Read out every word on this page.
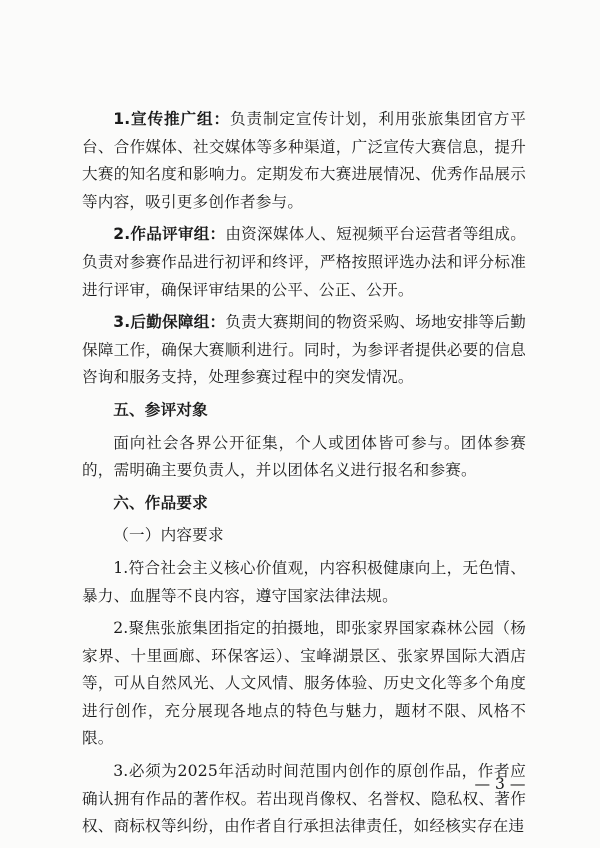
1.宣传推广组：负责制定宣传计划，利用张旅集团官方平台、合作媒体、社交媒体等多种渠道，广泛宣传大赛信息，提升大赛的知名度和影响力。定期发布大赛进展情况、优秀作品展示等内容，吸引更多创作者参与。

2.作品评审组：由资深媒体人、短视频平台运营者等组成。负责对参赛作品进行初评和终评，严格按照评选办法和评分标准进行评审，确保评审结果的公平、公正、公开。

3.后勤保障组：负责大赛期间的物资采购、场地安排等后勤保障工作，确保大赛顺利进行。同时，为参评者提供必要的信息咨询和服务支持，处理参赛过程中的突发情况。

五、参评对象

面向社会各界公开征集，个人或团体皆可参与。团体参赛的，需明确主要负责人，并以团体名义进行报名和参赛。

六、作品要求

（一）内容要求

1.符合社会主义核心价值观，内容积极健康向上，无色情、暴力、血腥等不良内容，遵守国家法律法规。

2.聚焦张旅集团指定的拍摄地，即张家界国家森林公园（杨家界、十里画廊、环保客运）、宝峰湖景区、张家界国际大酒店等，可从自然风光、人文风情、服务体验、历史文化等多个角度进行创作，充分展现各地点的特色与魅力，题材不限、风格不限。

3.必须为2025年活动时间范围内创作的原创作品，作者应确认拥有作品的著作权。若出现肖像权、名誉权、隐私权、著作权、商标权等纠纷，由作者自行承担法律责任，如经核实存在违

— 3 —
